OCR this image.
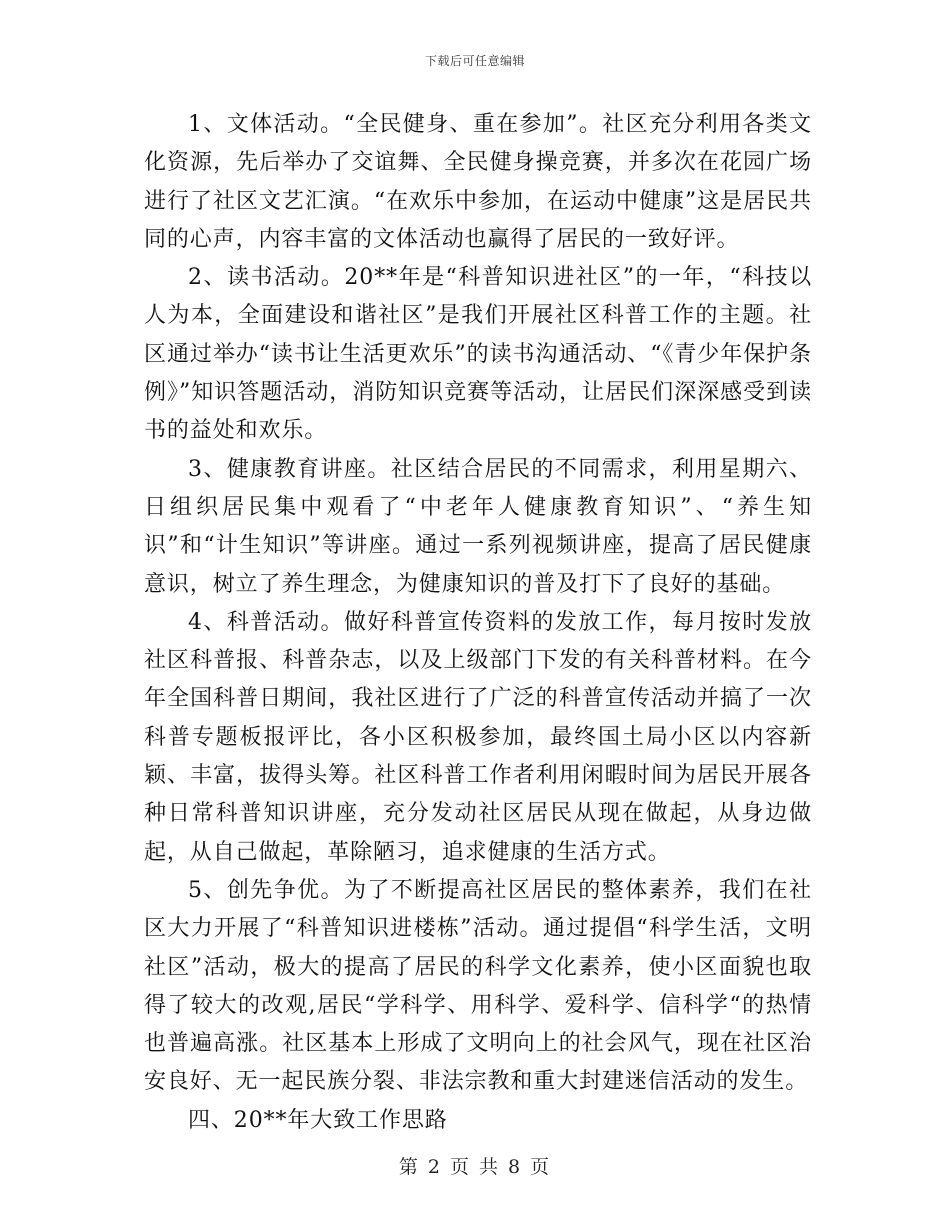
下载后可任意编辑

1、文体活动。“全民健身、重在参加”。社区充分利用各类文化资源，先后举办了交谊舞、全民健身操竞赛，并多次在花园广场进行了社区文艺汇演。“在欢乐中参加，在运动中健康”这是居民共同的心声，内容丰富的文体活动也赢得了居民的一致好评。

2、读书活动。20**年是“科普知识进社区”的一年，“科技以人为本，全面建设和谐社区”是我们开展社区科普工作的主题。社区通过举办“读书让生活更欢乐”的读书沟通活动、“《青少年保护条例》”知识答题活动，消防知识竞赛等活动，让居民们深深感受到读书的益处和欢乐。

3、健康教育讲座。社区结合居民的不同需求，利用星期六、日组织居民集中观看了“中老年人健康教育知识”、“养生知识”和“计生知识”等讲座。通过一系列视频讲座，提高了居民健康意识，树立了养生理念，为健康知识的普及打下了良好的基础。

4、科普活动。做好科普宣传资料的发放工作，每月按时发放社区科普报、科普杂志，以及上级部门下发的有关科普材料。在今年全国科普日期间，我社区进行了广泛的科普宣传活动并搞了一次科普专题板报评比，各小区积极参加，最终国土局小区以内容新颖、丰富，拔得头筹。社区科普工作者利用闲暇时间为居民开展各种日常科普知识讲座，充分发动社区居民从现在做起，从身边做起，从自己做起，革除陋习，追求健康的生活方式。

5、创先争优。为了不断提高社区居民的整体素养，我们在社区大力开展了“科普知识进楼栋”活动。通过提倡“科学生活，文明社区”活动，极大的提高了居民的科学文化素养，使小区面貌也取得了较大的改观,居民“学科学、用科学、爱科学、信科学“的热情也普遍高涨。社区基本上形成了文明向上的社会风气，现在社区治安良好、无一起民族分裂、非法宗教和重大封建迷信活动的发生。

四、20**年大致工作思路

第 2 页 共 8 页
